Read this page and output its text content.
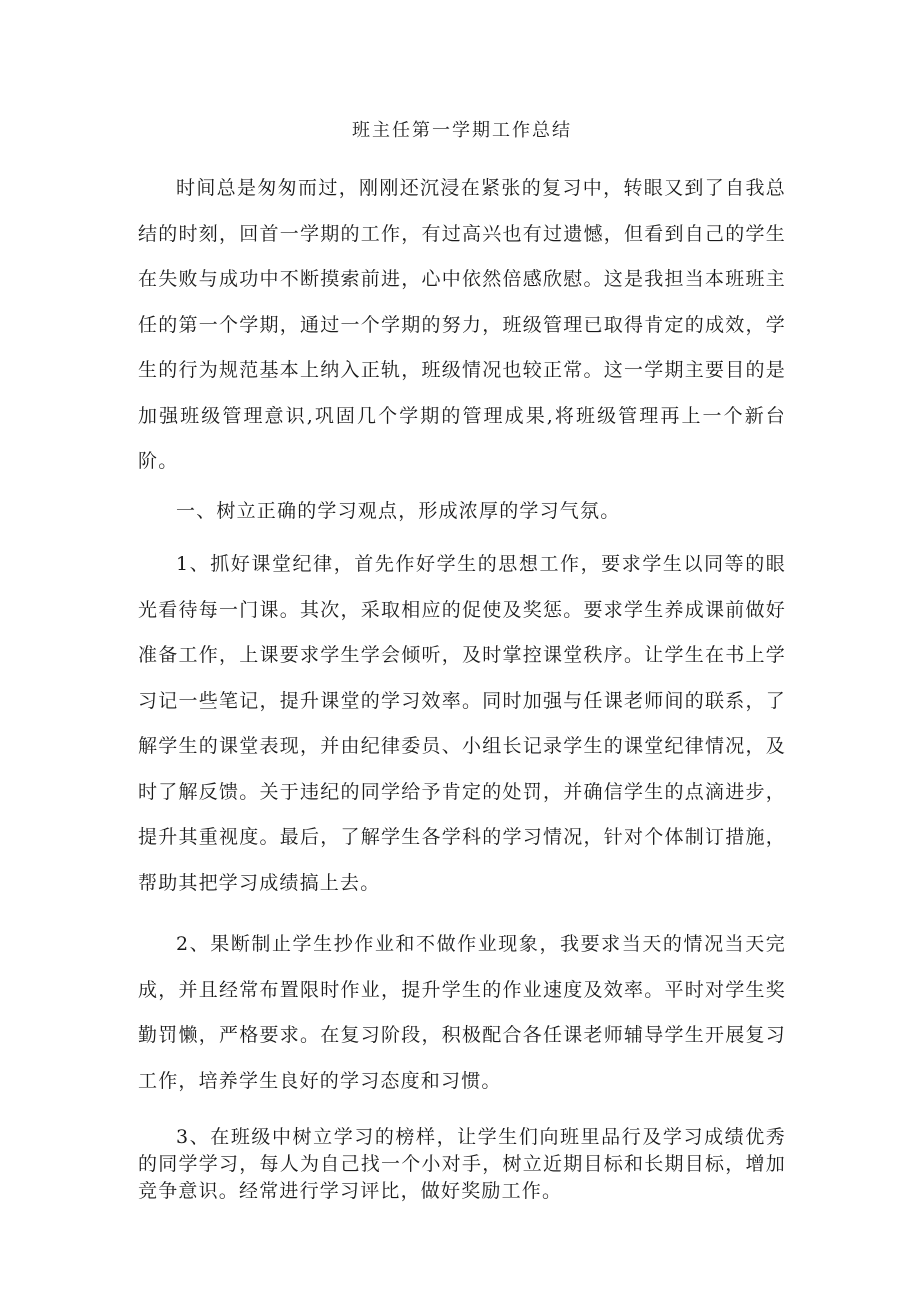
班主任第一学期工作总结

时间总是匆匆而过，刚刚还沉浸在紧张的复习中，转眼又到了自我总结的时刻，回首一学期的工作，有过高兴也有过遗憾，但看到自己的学生在失败与成功中不断摸索前进，心中依然倍感欣慰。这是我担当本班班主任的第一个学期，通过一个学期的努力，班级管理已取得肯定的成效，学生的行为规范基本上纳入正轨，班级情况也较正常。这一学期主要目的是加强班级管理意识,巩固几个学期的管理成果,将班级管理再上一个新台阶。

一、树立正确的学习观点，形成浓厚的学习气氛。

1、抓好课堂纪律，首先作好学生的思想工作，要求学生以同等的眼光看待每一门课。其次，采取相应的促使及奖惩。要求学生养成课前做好准备工作，上课要求学生学会倾听，及时掌控课堂秩序。让学生在书上学习记一些笔记，提升课堂的学习效率。同时加强与任课老师间的联系，了解学生的课堂表现，并由纪律委员、小组长记录学生的课堂纪律情况，及时了解反馈。关于违纪的同学给予肯定的处罚，并确信学生的点滴进步，提升其重视度。最后，了解学生各学科的学习情况，针对个体制订措施，帮助其把学习成绩搞上去。

2、果断制止学生抄作业和不做作业现象，我要求当天的情况当天完成，并且经常布置限时作业，提升学生的作业速度及效率。平时对学生奖勤罚懒，严格要求。在复习阶段，积极配合各任课老师辅导学生开展复习工作，培养学生良好的学习态度和习惯。

3、在班级中树立学习的榜样，让学生们向班里品行及学习成绩优秀的同学学习，每人为自己找一个小对手，树立近期目标和长期目标，增加竞争意识。经常进行学习评比，做好奖励工作。
